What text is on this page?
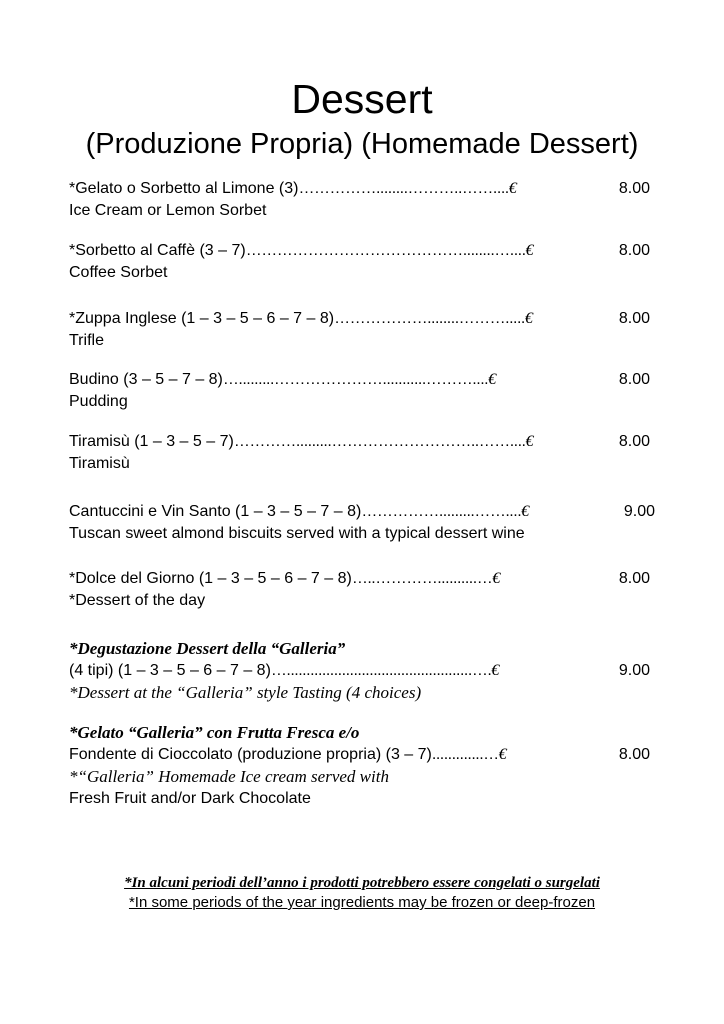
Dessert
(Produzione Propria) (Homemade Dessert)
*Gelato o Sorbetto al Limone (3)……………........………..……....€	8.00
Ice Cream or Lemon Sorbet
*Sorbetto al Caffè (3 – 7)……………………………………........…....€	8.00
Coffee Sorbet
*Zuppa Inglese (1 – 3 – 5 – 6 – 7 – 8)………………........……….....€	8.00
Trifle
Budino (3 – 5 – 7 – 8)….........…………………...........………....€	8.00
Pudding
Tiramisù (1 – 3 – 5 – 7)………….........………………………..……....€	8.00
Tiramisù
Cantuccini e Vin Santo (1 – 3 – 5 – 7 – 8)…………….........……....€	9.00
Tuscan sweet almond biscuits served with a typical dessert wine
*Dolce del Giorno (1 – 3 – 5 – 6 – 7 – 8)…..…………..........…€	8.00
*Dessert of the day
*Degustazione Dessert della “Galleria”
(4 tipi) (1 – 3 – 5 – 6 – 7 – 8)…...............................................….€	9.00
*Dessert at the “Galleria” style Tasting (4 choices)
*Gelato “Galleria” con Frutta Fresca e/o
Fondente di Cioccolato (produzione propria) (3 – 7).............…€	8.00
*“Galleria” Homemade Ice cream served with
Fresh Fruit and/or Dark Chocolate
*In alcuni periodi dell’anno i prodotti potrebbero essere congelati o surgelati
*In some periods of the year ingredients may be frozen or deep-frozen
